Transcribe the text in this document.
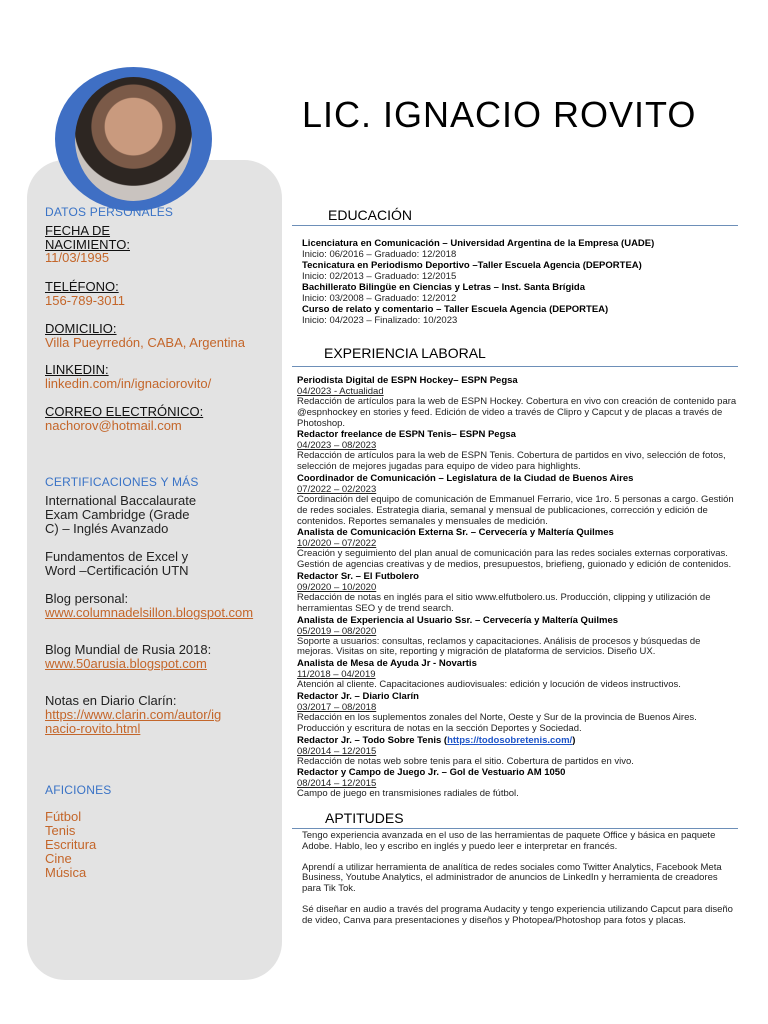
DATOS PERSONALES
FECHA DE
NACIMIENTO:
11/03/1995
TELÉFONO:
156-789-3011
DOMICILIO:
Villa Pueyrredón, CABA, Argentina
LINKEDIN:
linkedin.com/in/ignaciorovito/
CORREO ELECTRÓNICO:
nachorov@hotmail.com
CERTIFICACIONES Y MÁS
International Baccalaurate
Exam Cambridge (Grade
C) – Inglés Avanzado
Fundamentos de Excel y
Word –Certificación UTN
Blog personal:
www.columnadelsillon.blogspot.com
Blog Mundial de Rusia 2018:
www.50arusia.blogspot.com
Notas en Diario Clarín:
https://www.clarin.com/autor/ig
nacio-rovito.html
AFICIONES
Fútbol
Tenis
Escritura
Cine
Música
LIC. IGNACIO ROVITO
EDUCACIÓN
Licenciatura en Comunicación – Universidad Argentina de la Empresa (UADE)
Inicio: 06/2016 – Graduado: 12/2018
Tecnicatura en Periodismo Deportivo –Taller Escuela Agencia (DEPORTEA)
Inicio: 02/2013 – Graduado: 12/2015
Bachillerato Bilingüe en Ciencias y Letras – Inst. Santa Brígida
Inicio: 03/2008 – Graduado: 12/2012
Curso de relato y comentario – Taller Escuela Agencia (DEPORTEA)
Inicio: 04/2023 – Finalizado: 10/2023
EXPERIENCIA LABORAL
Periodista Digital de ESPN Hockey– ESPN Pegsa
04/2023 - Actualidad
Redacción de artículos para la web de ESPN Hockey. Cobertura en vivo con creación de contenido para @espnhockey en stories y feed. Edición de video a través de Clipro y Capcut y de placas a través de Photoshop.
Redactor freelance de ESPN Tenis– ESPN Pegsa
04/2023 – 08/2023
Redacción de artículos para la web de ESPN Tenis. Cobertura de partidos en vivo, selección de fotos, selección de mejores jugadas para equipo de video para highlights.
Coordinador de Comunicación – Legislatura de la Ciudad de Buenos Aires
07/2022 – 02/2023
Coordinación del equipo de comunicación de Emmanuel Ferrario, vice 1ro. 5 personas a cargo. Gestión de redes sociales. Estrategia diaria, semanal y mensual de publicaciones, corrección y edición de contenidos. Reportes semanales y mensuales de medición.
Analista de Comunicación Externa Sr. – Cervecería y Maltería Quilmes
10/2020 – 07/2022
Creación y seguimiento del plan anual de comunicación para las redes sociales externas corporativas. Gestión de agencias creativas y de medios, presupuestos, briefieng, guionado y edición de contenidos.
Redactor Sr. – El Futbolero
09/2020 – 10/2020
Redacción de notas en inglés para el sitio www.elfutbolero.us. Producción, clipping y utilización de herramientas SEO y de trend search.
Analista de Experiencia al Usuario Ssr. – Cervecería y Maltería Quilmes
05/2019 – 08/2020
Soporte a usuarios: consultas, reclamos y capacitaciones. Análisis de procesos y búsquedas de mejoras. Visitas on site, reporting y migración de plataforma de servicios. Diseño UX.
Analista de Mesa de Ayuda Jr - Novartis
11/2018 – 04/2019
Atención al cliente. Capacitaciones audiovisuales: edición y locución de videos instructivos.
Redactor Jr. – Diario Clarín
03/2017 – 08/2018
Redacción en los suplementos zonales del Norte, Oeste y Sur de la provincia de Buenos Aires. Producción y escritura de notas en la sección Deportes y Sociedad.
Redactor Jr. – Todo Sobre Tenis (https://todosobretenis.com/)
08/2014 – 12/2015
Redacción de notas web sobre tenis para el sitio. Cobertura de partidos en vivo.
Redactor y Campo de Juego Jr. – Gol de Vestuario AM 1050
08/2014 – 12/2015
Campo de juego en transmisiones radiales de fútbol.
APTITUDES
Tengo experiencia avanzada en el uso de las herramientas de paquete Office y básica en paquete Adobe. Hablo, leo y escribo en inglés y puedo leer e interpretar en francés.
Aprendí a utilizar herramienta de analítica de redes sociales como Twitter Analytics, Facebook Meta Business, Youtube Analytics, el administrador de anuncios de LinkedIn y herramienta de creadores para Tik Tok.
Sé diseñar en audio a través del programa Audacity y tengo experiencia utilizando Capcut para diseño de video, Canva para presentaciones y diseños y Photopea/Photoshop para fotos y placas.
